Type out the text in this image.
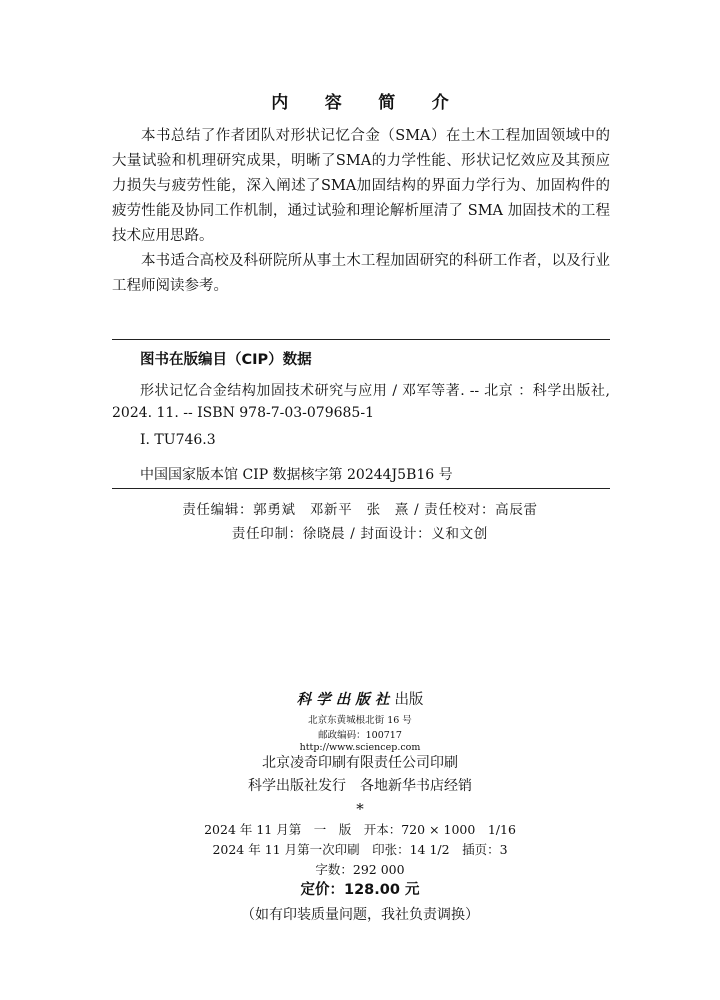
内 容 简 介

本书总结了作者团队对形状记忆合金（SMA）在土木工程加固领域中的大量试验和机理研究成果，明晰了SMA的力学性能、形状记忆效应及其预应力损失与疲劳性能，深入阐述了SMA加固结构的界面力学行为、加固构件的疲劳性能及协同工作机制，通过试验和理论解析厘清了 SMA 加固技术的工程技术应用思路。

本书适合高校及科研院所从事土木工程加固研究的科研工作者，以及行业工程师阅读参考。

图书在版编目（CIP）数据
形状记忆合金结构加固技术研究与应用 / 邓军等著. -- 北京 ：科学出版社, 2024. 11. -- ISBN 978-7-03-079685-1
Ⅰ. TU746.3
中国国家版本馆 CIP 数据核字第 20244J5B16 号
责任编辑：郭勇斌　邓新平　张　熹 / 责任校对：高辰雷
责任印制：徐晓晨 / 封面设计：义和文创
科学出版社出版
北京东黄城根北街 16 号
邮政编码：100717
http://www.sciencep.com
北京凌奇印刷有限责任公司印刷
科学出版社发行　各地新华书店经销
*
2024 年 11 月第　一　版　开本：720 × 1000　1/16
2024 年 11 月第一次印刷　印张：14 1/2　插页：3
字数：292 000
定价：128.00 元
（如有印装质量问题，我社负责调换）
